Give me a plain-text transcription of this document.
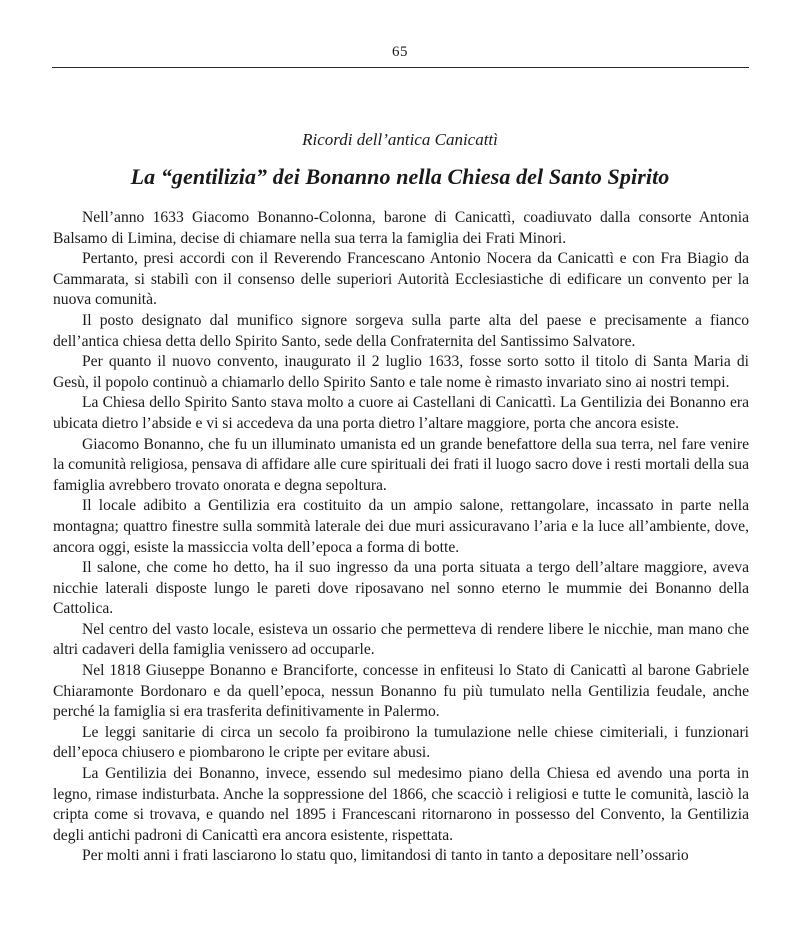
65
Ricordi dell’antica Canicattì
La “gentilizia” dei Bonanno nella Chiesa del Santo Spirito

Nell’anno 1633 Giacomo Bonanno-Colonna, barone di Canicattì, coadiuvato dalla consorte Antonia Balsamo di Limina, decise di chiamare nella sua terra la famiglia dei Frati Minori.

Pertanto, presi accordi con il Reverendo Francescano Antonio Nocera da Canicattì e con Fra Biagio da Cammarata, si stabilì con il consenso delle superiori Autorità Ecclesiastiche di edificare un convento per la nuova comunità.

Il posto designato dal munifico signore sorgeva sulla parte alta del paese e precisamente a fianco dell’antica chiesa detta dello Spirito Santo, sede della Confraternita del Santissimo Salvatore.

Per quanto il nuovo convento, inaugurato il 2 luglio 1633, fosse sorto sotto il titolo di Santa Maria di Gesù, il popolo continuò a chiamarlo dello Spirito Santo e tale nome è rimasto invariato sino ai nostri tempi.

La Chiesa dello Spirito Santo stava molto a cuore ai Castellani di Canicattì. La Gentilizia dei Bonanno era ubicata dietro l’abside e vi si accedeva da una porta dietro l’altare maggiore, porta che ancora esiste.

Giacomo Bonanno, che fu un illuminato umanista ed un grande benefattore della sua terra, nel fare venire la comunità religiosa, pensava di affidare alle cure spirituali dei frati il luogo sacro dove i resti mortali della sua famiglia avrebbero trovato onorata e degna sepoltura.

Il locale adibito a Gentilizia era costituito da un ampio salone, rettangolare, incassato in parte nella montagna; quattro finestre sulla sommità laterale dei due muri assicuravano l’aria e la luce all’ambiente, dove, ancora oggi, esiste la massiccia volta dell’epoca a forma di botte.

Il salone, che come ho detto, ha il suo ingresso da una porta situata a tergo dell’altare maggiore, aveva nicchie laterali disposte lungo le pareti dove riposavano nel sonno eterno le mummie dei Bonanno della Cattolica.

Nel centro del vasto locale, esisteva un ossario che permetteva di rendere libere le nicchie, man mano che altri cadaveri della famiglia venissero ad occuparle.

Nel 1818 Giuseppe Bonanno e Branciforte, concesse in enfiteusi lo Stato di Canicattì al barone Gabriele Chiaramonte Bordonaro e da quell’epoca, nessun Bonanno fu più tumulato nella Gentilizia feudale, anche perché la famiglia si era trasferita definitivamente in Palermo.

Le leggi sanitarie di circa un secolo fa proibirono la tumulazione nelle chiese cimiteriali, i funzionari dell’epoca chiusero e piombarono le cripte per evitare abusi.

La Gentilizia dei Bonanno, invece, essendo sul medesimo piano della Chiesa ed avendo una porta in legno, rimase indisturbata. Anche la soppressione del 1866, che scacciò i religiosi e tutte le comunità, lasciò la cripta come si trovava, e quando nel 1895 i Francescani ritornarono in possesso del Convento, la Gentilizia degli antichi padroni di Canicattì era ancora esistente, rispettata.

Per molti anni i frati lasciarono lo statu quo, limitandosi di tanto in tanto a depositare nell’ossario
